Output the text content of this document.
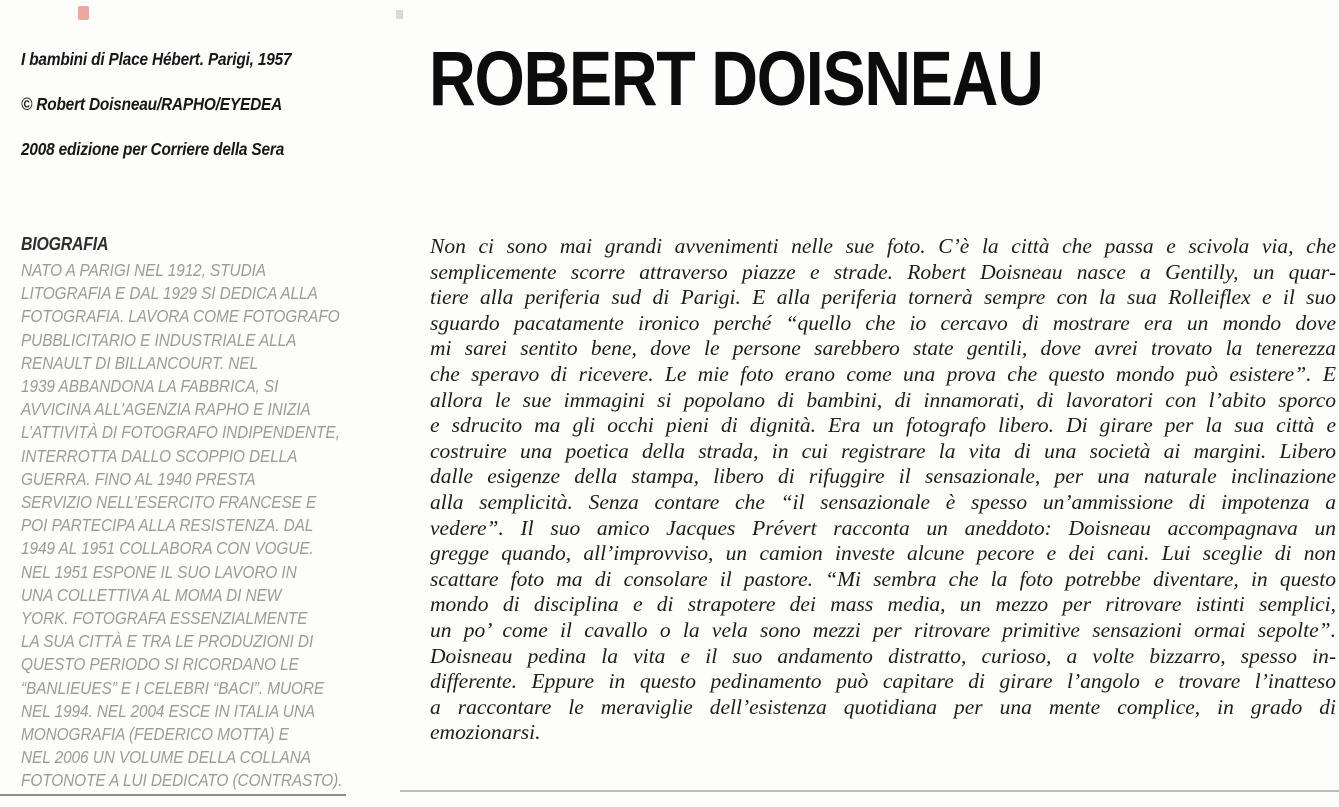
I bambini di Place Hébert. Parigi, 1957
© Robert Doisneau/RAPHO/EYEDEA
2008 edizione per Corriere della Sera
BIOGRAFIA
NATO A PARIGI NEL 1912, STUDIA
LITOGRAFIA E DAL 1929 SI DEDICA ALLA
FOTOGRAFIA. LAVORA COME FOTOGRAFO
PUBBLICITARIO E INDUSTRIALE ALLA
RENAULT DI BILLANCOURT. NEL
1939 ABBANDONA LA FABBRICA, SI
AVVICINA ALL’AGENZIA RAPHO E INIZIA
L’ATTIVITÀ DI FOTOGRAFO INDIPENDENTE,
INTERROTTA DALLO SCOPPIO DELLA
GUERRA. FINO AL 1940 PRESTA
SERVIZIO NELL’ESERCITO FRANCESE E
POI PARTECIPA ALLA RESISTENZA. DAL
1949 AL 1951 COLLABORA CON VOGUE.
NEL 1951 ESPONE IL SUO LAVORO IN
UNA COLLETTIVA AL MOMA DI NEW
YORK. FOTOGRAFA ESSENZIALMENTE
LA SUA CITTÀ E TRA LE PRODUZIONI DI
QUESTO PERIODO SI RICORDANO LE
“BANLIEUES” E I CELEBRI “BACI”. MUORE
NEL 1994. NEL 2004 ESCE IN ITALIA UNA
MONOGRAFIA (FEDERICO MOTTA) E
NEL 2006 UN VOLUME DELLA COLLANA
FOTONOTE A LUI DEDICATO (CONTRASTO).
ROBERT DOISNEAU
Non ci sono mai grandi avvenimenti nelle sue foto. C’è la città che passa e scivola via, che
semplicemente scorre attraverso piazze e strade. Robert Doisneau nasce a Gentilly, un quar-
tiere alla periferia sud di Parigi. E alla periferia tornerà sempre con la sua Rolleiflex e il suo
sguardo pacatamente ironico perché “quello che io cercavo di mostrare era un mondo dove
mi sarei sentito bene, dove le persone sarebbero state gentili, dove avrei trovato la tenerezza
che speravo di ricevere. Le mie foto erano come una prova che questo mondo può esistere”. E
allora le sue immagini si popolano di bambini, di innamorati, di lavoratori con l’abito sporco
e sdrucito ma gli occhi pieni di dignità. Era un fotografo libero. Di girare per la sua città e
costruire una poetica della strada, in cui registrare la vita di una società ai margini. Libero
dalle esigenze della stampa, libero di rifuggire il sensazionale, per una naturale inclinazione
alla semplicità. Senza contare che “il sensazionale è spesso un’ammissione di impotenza a
vedere”. Il suo amico Jacques Prévert racconta un aneddoto: Doisneau accompagnava un
gregge quando, all’improvviso, un camion investe alcune pecore e dei cani. Lui sceglie di non
scattare foto ma di consolare il pastore. “Mi sembra che la foto potrebbe diventare, in questo
mondo di disciplina e di strapotere dei mass media, un mezzo per ritrovare istinti semplici,
un po’ come il cavallo o la vela sono mezzi per ritrovare primitive sensazioni ormai sepolte”.
Doisneau pedina la vita e il suo andamento distratto, curioso, a volte bizzarro, spesso in-
differente. Eppure in questo pedinamento può capitare di girare l’angolo e trovare l’inatteso
a raccontare le meraviglie dell’esistenza quotidiana per una mente complice, in grado di
emozionarsi.
